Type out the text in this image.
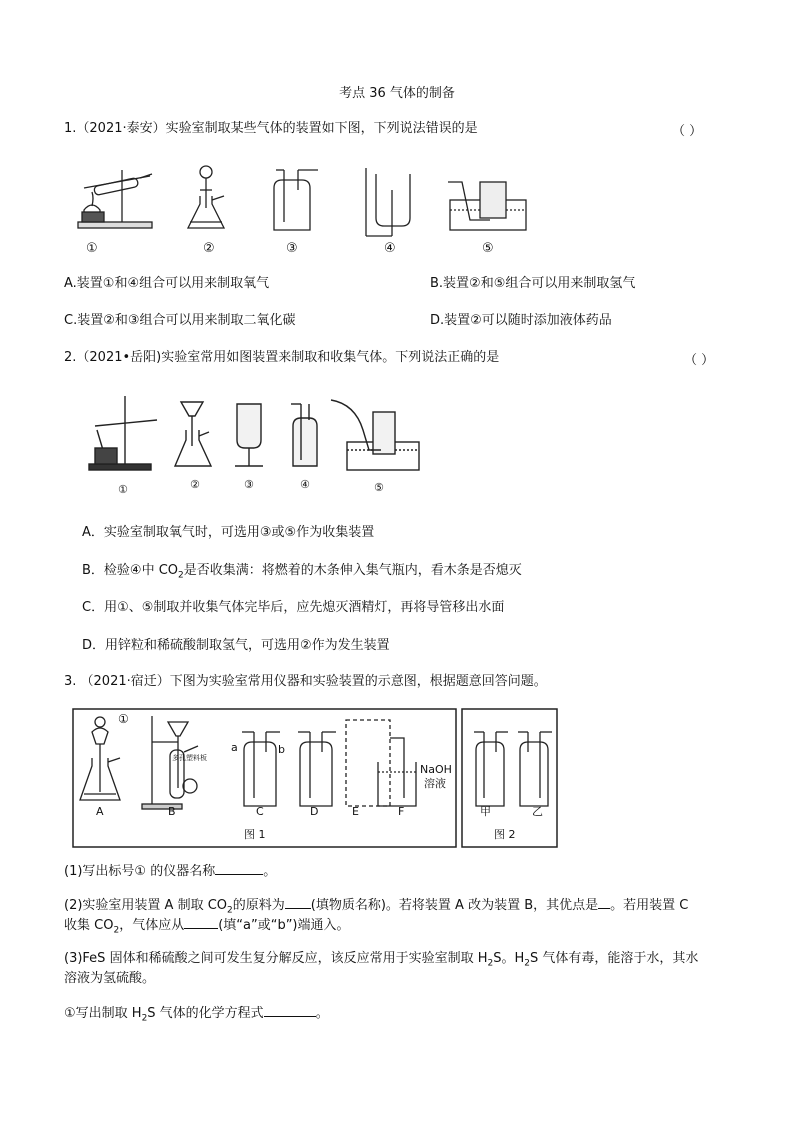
考点 36 气体的制备
1.（2021·泰安）实验室制取某些气体的装置如下图，下列说法错误的是	（ ）
①	②	③	④	⑤
A.装置①和④组合可以用来制取氧气	B.装置②和⑤组合可以用来制取氢气
C.装置②和③组合可以用来制取二氧化碳	D.装置②可以随时添加液体药品
2.（2021•岳阳)实验室常用如图装置来制取和收集气体。下列说法正确的是	（ ）
①	②	③	④	⑤
A．实验室制取氧气时，可选用③或⑤作为收集装置
B．检验④中 $CO_2$是否收集满：将燃着的木条伸入集气瓶内，看木条是否熄灭
C．用①、⑤制取并收集气体完毕后，应先熄灭酒精灯，再将导管移出水面
D．用锌粒和稀硫酸制取氢气，可选用②作为发生装置
3. （2021·宿迁）下图为实验室常用仪器和实验装置的示意图，根据题意回答问题。
①
多孔塑料板
a	b
NaOH
溶液
A	B	C	D	E	F	甲	乙
图 1	图 2
(1)写出标号① 的仪器名称	。
(2)实验室用装置 A 制取 $CO_2$的原料为 (填物质名称)。若将装置 A 改为装置 B，其优点是 。若用装置 C
收集 $CO_2$，气体应从	(填“a”或“b”)端通入。
(3)FeS 固体和稀硫酸之间可发生复分解反应，该反应常用于实验室制取 $H_2S$。$H_2S$ 气体有毒，能溶于水，其水
溶液为氢硫酸。
①写出制取 $H_2S$ 气体的化学方程式	。
